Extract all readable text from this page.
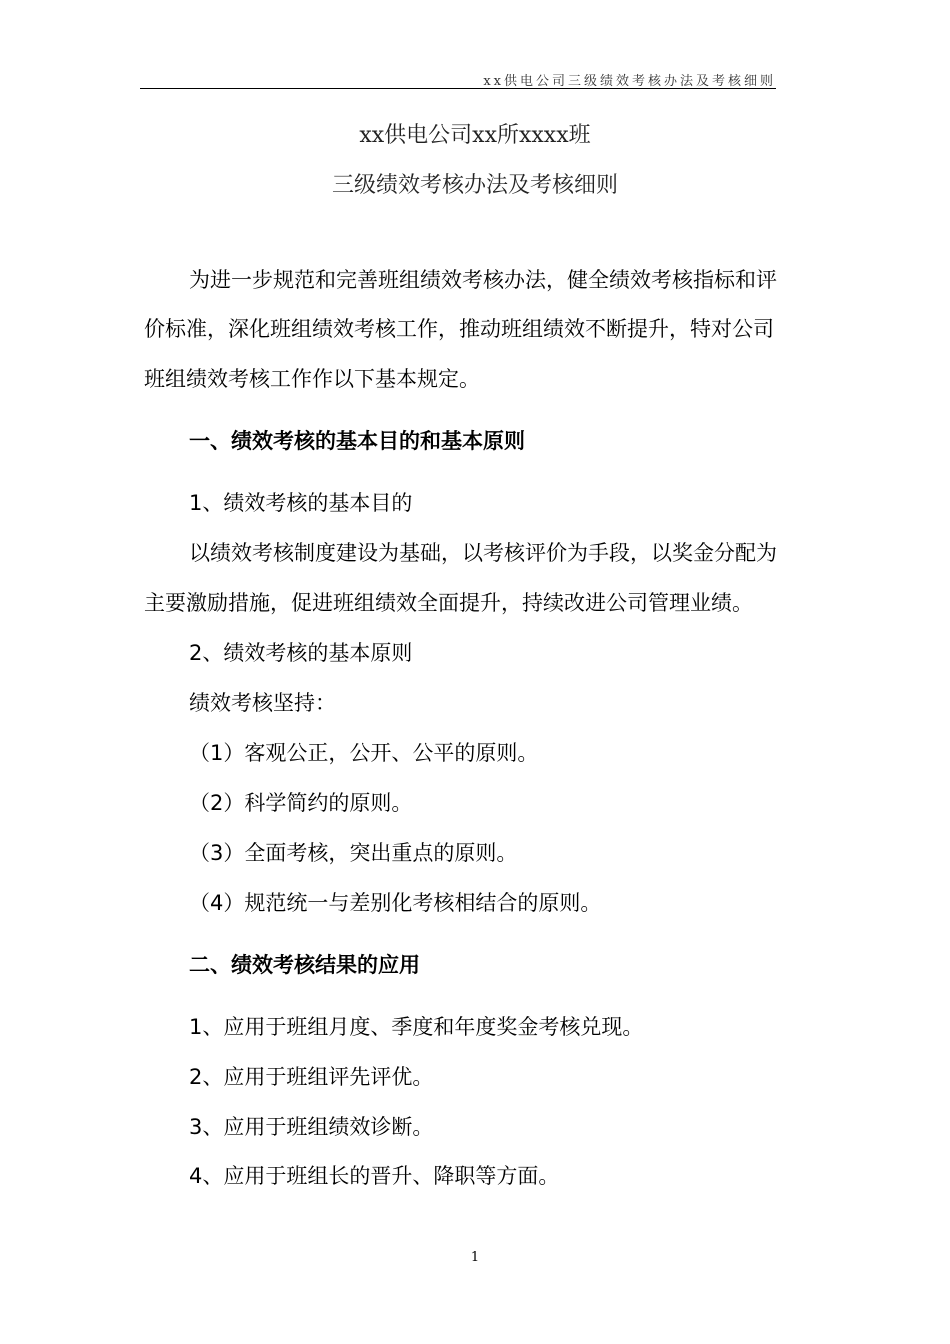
xx供电公司三级绩效考核办法及考核细则
xx供电公司xx所xxxx班
三级绩效考核办法及考核细则
为进一步规范和完善班组绩效考核办法，健全绩效考核指标和评
价标准，深化班组绩效考核工作，推动班组绩效不断提升，特对公司
班组绩效考核工作作以下基本规定。
一、绩效考核的基本目的和基本原则
1、绩效考核的基本目的
以绩效考核制度建设为基础，以考核评价为手段，以奖金分配为
主要激励措施，促进班组绩效全面提升，持续改进公司管理业绩。
2、绩效考核的基本原则
绩效考核坚持：
（1）客观公正，公开、公平的原则。
（2）科学简约的原则。
（3）全面考核，突出重点的原则。
（4）规范统一与差别化考核相结合的原则。
二、绩效考核结果的应用
1、应用于班组月度、季度和年度奖金考核兑现。
2、应用于班组评先评优。
3、应用于班组绩效诊断。
4、应用于班组长的晋升、降职等方面。
1
